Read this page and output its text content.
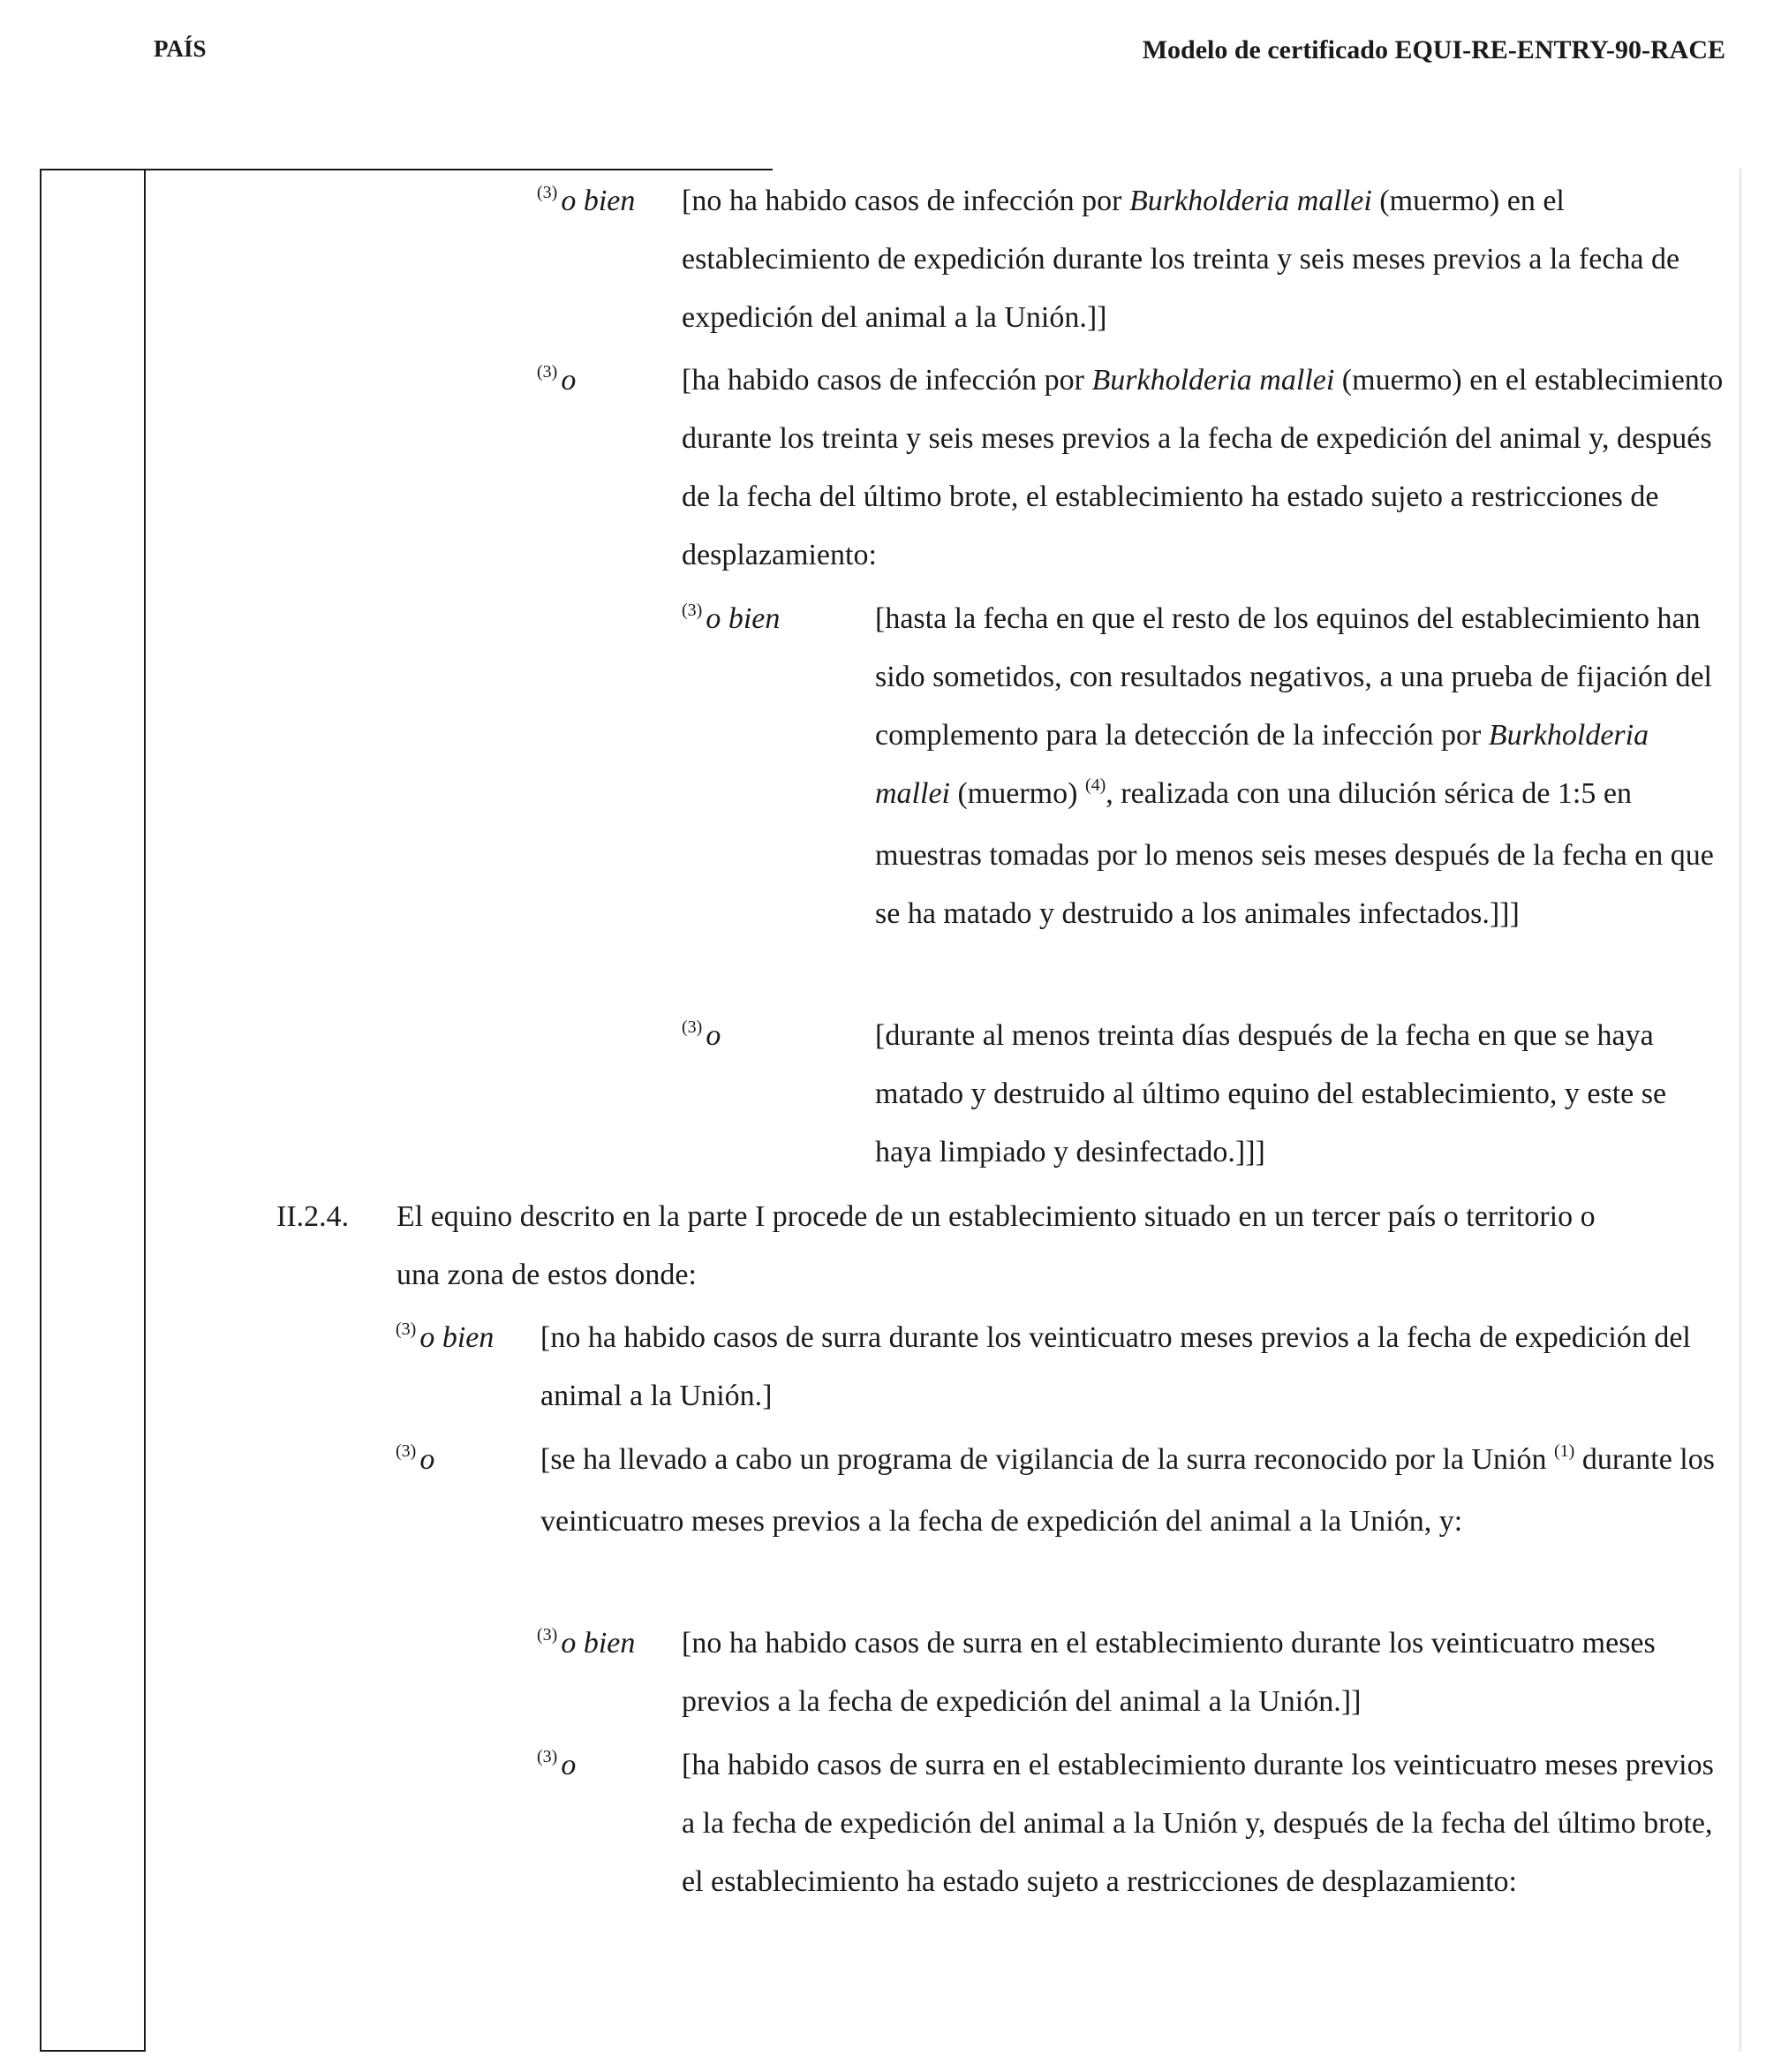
PAÍS	Modelo de certificado EQUI-RE-ENTRY-90-RACE
$^{(3)}$ o bien [no ha habido casos de infección por Burkholderia mallei (muermo) en el establecimiento de expedición durante los treinta y seis meses previos a la fecha de expedición del animal a la Unión.]]
$^{(3)}$ o	[ha habido casos de infección por Burkholderia mallei (muermo) en el establecimiento durante los treinta y seis meses previos a la fecha de expedición del animal y, después de la fecha del último brote, el establecimiento ha estado sujeto a restricciones de desplazamiento:
$^{(3)}$ o bien	[hasta la fecha en que el resto de los equinos del establecimiento han sido sometidos, con resultados negativos, a una prueba de fijación del complemento para la detección de la infección por Burkholderia mallei (muermo) $^{(4)}$, realizada con una dilución sérica de 1:5 en muestras tomadas por lo menos seis meses después de la fecha en que se ha matado y destruido a los animales infectados.]]]
$^{(3)}$ o	[durante al menos treinta días después de la fecha en que se haya matado y destruido al último equino del establecimiento, y este se haya limpiado y desinfectado.]]]
II.2.4. El equino descrito en la parte I procede de un establecimiento situado en un tercer país o territorio o una zona de estos donde:
$^{(3)}$ o bien [no ha habido casos de surra durante los veinticuatro meses previos a la fecha de expedición del animal a la Unión.]
$^{(3)}$ o	[se ha llevado a cabo un programa de vigilancia de la surra reconocido por la Unión $^{(1)}$ durante los veinticuatro meses previos a la fecha de expedición del animal a la Unión, y:
$^{(3)}$ o bien [no ha habido casos de surra en el establecimiento durante los veinticuatro meses previos a la fecha de expedición del animal a la Unión.]]
$^{(3)}$ o	[ha habido casos de surra en el establecimiento durante los veinticuatro meses previos a la fecha de expedición del animal a la Unión y, después de la fecha del último brote, el establecimiento ha estado sujeto a restricciones de desplazamiento:
